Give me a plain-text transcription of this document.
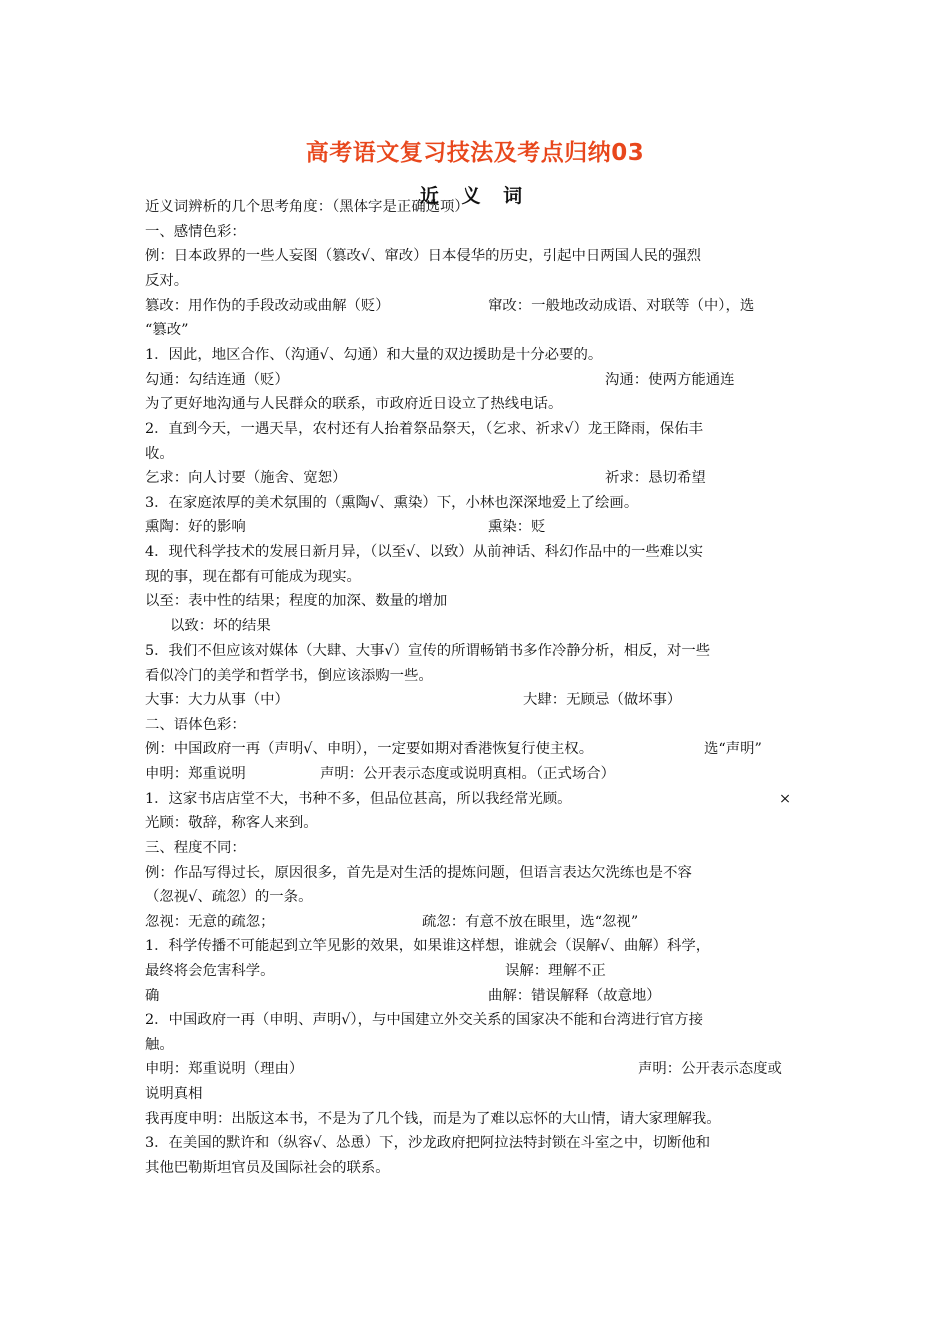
高考语文复习技法及考点归纳03
近 义 词
近义词辨析的几个思考角度：（黑体字是正确选项）
一、感情色彩：
例：日本政界的一些人妄图（篡改√、窜改）日本侵华的历史，引起中日两国人民的强烈
反对。
篡改：用作伪的手段改动或曲解（贬）	窜改：一般地改动成语、对联等（中），选
“篡改”
1．因此，地区合作、（沟通√、勾通）和大量的双边援助是十分必要的。
勾通：勾结连通（贬）	沟通：使两方能通连
为了更好地沟通与人民群众的联系，市政府近日设立了热线电话。
2．直到今天，一遇天旱，农村还有人抬着祭品祭天，（乞求、祈求√）龙王降雨，保佑丰
收。
乞求：向人讨要（施舍、宽恕）	祈求：恳切希望
3．在家庭浓厚的美术氛围的（熏陶√、熏染）下，小林也深深地爱上了绘画。
熏陶：好的影响	熏染：贬
4．现代科学技术的发展日新月异，（以至√、以致）从前神话、科幻作品中的一些难以实
现的事，现在都有可能成为现实。
以至：表中性的结果；程度的加深、数量的增加
以致：坏的结果
5．我们不但应该对媒体（大肆、大事√）宣传的所谓畅销书多作冷静分析，相反，对一些
看似冷门的美学和哲学书，倒应该添购一些。
大事：大力从事（中）	大肆：无顾忌（做坏事）
二、语体色彩：
例：中国政府一再（声明√、申明），一定要如期对香港恢复行使主权。	选“声明”
申明：郑重说明	声明：公开表示态度或说明真相。（正式场合）
1．这家书店店堂不大，书种不多，但品位甚高，所以我经常光顾。	×
光顾：敬辞，称客人来到。
三、程度不同：
例：作品写得过长，原因很多，首先是对生活的提炼问题，但语言表达欠洗练也是不容
（忽视√、疏忽）的一条。
忽视：无意的疏忽；	疏忽：有意不放在眼里，选“忽视”
1．科学传播不可能起到立竿见影的效果，如果谁这样想，谁就会（误解√、曲解）科学，
最终将会危害科学。	误解：理解不正
确	曲解：错误解释（故意地）
2．中国政府一再（申明、声明√），与中国建立外交关系的国家决不能和台湾进行官方接
触。
申明：郑重说明（理由）	声明：公开表示态度或
说明真相
我再度申明：出版这本书，不是为了几个钱，而是为了难以忘怀的大山情，请大家理解我。
3．在美国的默许和（纵容√、怂恿）下，沙龙政府把阿拉法特封锁在斗室之中，切断他和
其他巴勒斯坦官员及国际社会的联系。
